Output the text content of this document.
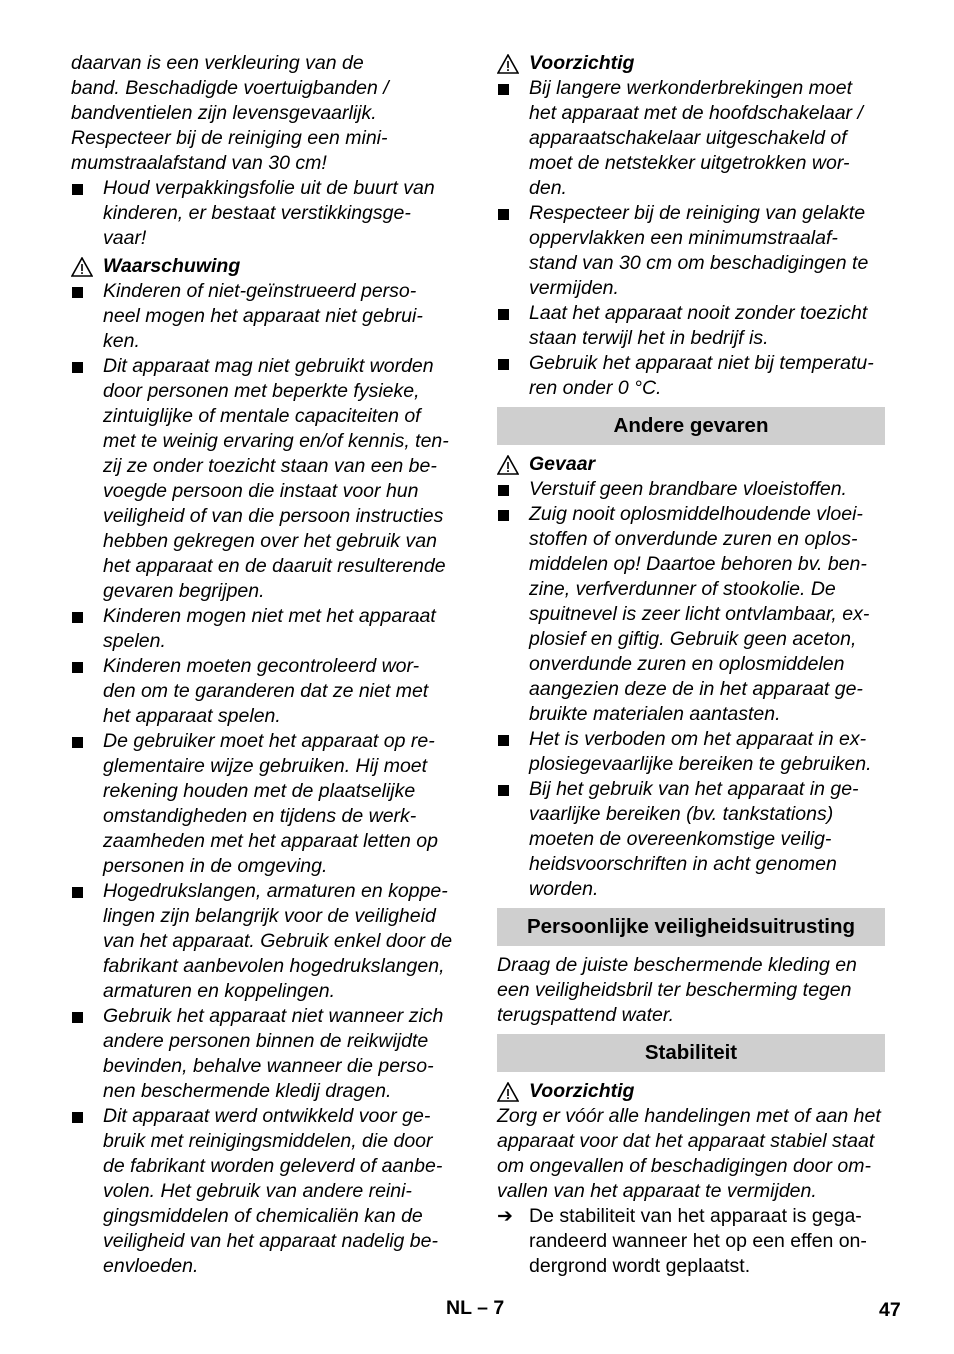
daarvan is een verkleuring van de
band. Beschadigde voertuigbanden /
bandventielen zijn levensgevaarlijk.
Respecteer bij de reiniging een mini-
mumstraalafstand van 30 cm!
Houd verpakkingsfolie uit de buurt van
kinderen, er bestaat verstikkingsge-
vaar!
Waarschuwing
Kinderen of niet-geïnstrueerd perso-
neel mogen het apparaat niet gebrui-
ken.
Dit apparaat mag niet gebruikt worden
door personen met beperkte fysieke,
zintuiglijke of mentale capaciteiten of
met te weinig ervaring en/of kennis, ten-
zij ze onder toezicht staan van een be-
voegde persoon die instaat voor hun
veiligheid of van die persoon instructies
hebben gekregen over het gebruik van
het apparaat en de daaruit resulterende
gevaren begrijpen.
Kinderen mogen niet met het apparaat
spelen.
Kinderen moeten gecontroleerd wor-
den om te garanderen dat ze niet met
het apparaat spelen.
De gebruiker moet het apparaat op re-
glementaire wijze gebruiken. Hij moet
rekening houden met de plaatselijke
omstandigheden en tijdens de werk-
zaamheden met het apparaat letten op
personen in de omgeving.
Hogedrukslangen, armaturen en koppe-
lingen zijn belangrijk voor de veiligheid
van het apparaat. Gebruik enkel door de
fabrikant aanbevolen hogedrukslangen,
armaturen en koppelingen.
Gebruik het apparaat niet wanneer zich
andere personen binnen de reikwijdte
bevinden, behalve wanneer die perso-
nen beschermende kledij dragen.
Dit apparaat werd ontwikkeld voor ge-
bruik met reinigingsmiddelen, die door
de fabrikant worden geleverd of aanbe-
volen. Het gebruik van andere reini-
gingsmiddelen of chemicaliën kan de
veiligheid van het apparaat nadelig be-
envloeden.
Voorzichtig
Bij langere werkonderbrekingen moet
het apparaat met de hoofdschakelaar /
apparaatschakelaar uitgeschakeld of
moet de netstekker uitgetrokken wor-
den.
Respecteer bij de reiniging van gelakte
oppervlakken een minimumstraalaf-
stand van 30 cm om beschadigingen te
vermijden.
Laat het apparaat nooit zonder toezicht
staan terwijl het in bedrijf is.
Gebruik het apparaat niet bij temperatu-
ren onder 0 °C.
Andere gevaren
Gevaar
Verstuif geen brandbare vloeistoffen.
Zuig nooit oplosmiddelhoudende vloei-
stoffen of onverdunde zuren en oplos-
middelen op! Daartoe behoren bv. ben-
zine, verfverdunner of stookolie. De
spuitnevel is zeer licht ontvlambaar, ex-
plosief en giftig. Gebruik geen aceton,
onverdunde zuren en oplosmiddelen
aangezien deze de in het apparaat ge-
bruikte materialen aantasten.
Het is verboden om het apparaat in ex-
plosiegevaarlijke bereiken te gebruiken.
Bij het gebruik van het apparaat in ge-
vaarlijke bereiken (bv. tankstations)
moeten de overeenkomstige veilig-
heidsvoorschriften in acht genomen
worden.
Persoonlijke veiligheidsuitrusting
Draag de juiste beschermende kleding en
een veiligheidsbril ter bescherming tegen
terugspattend water.
Stabiliteit
Voorzichtig
Zorg er vóór alle handelingen met of aan het
apparaat voor dat het apparaat stabiel staat
om ongevallen of beschadigingen door om-
vallen van het apparaat te vermijden.
➔ De stabiliteit van het apparaat is gega-
randeerd wanneer het op een effen on-
dergrond wordt geplaatst.
NL – 7	47
